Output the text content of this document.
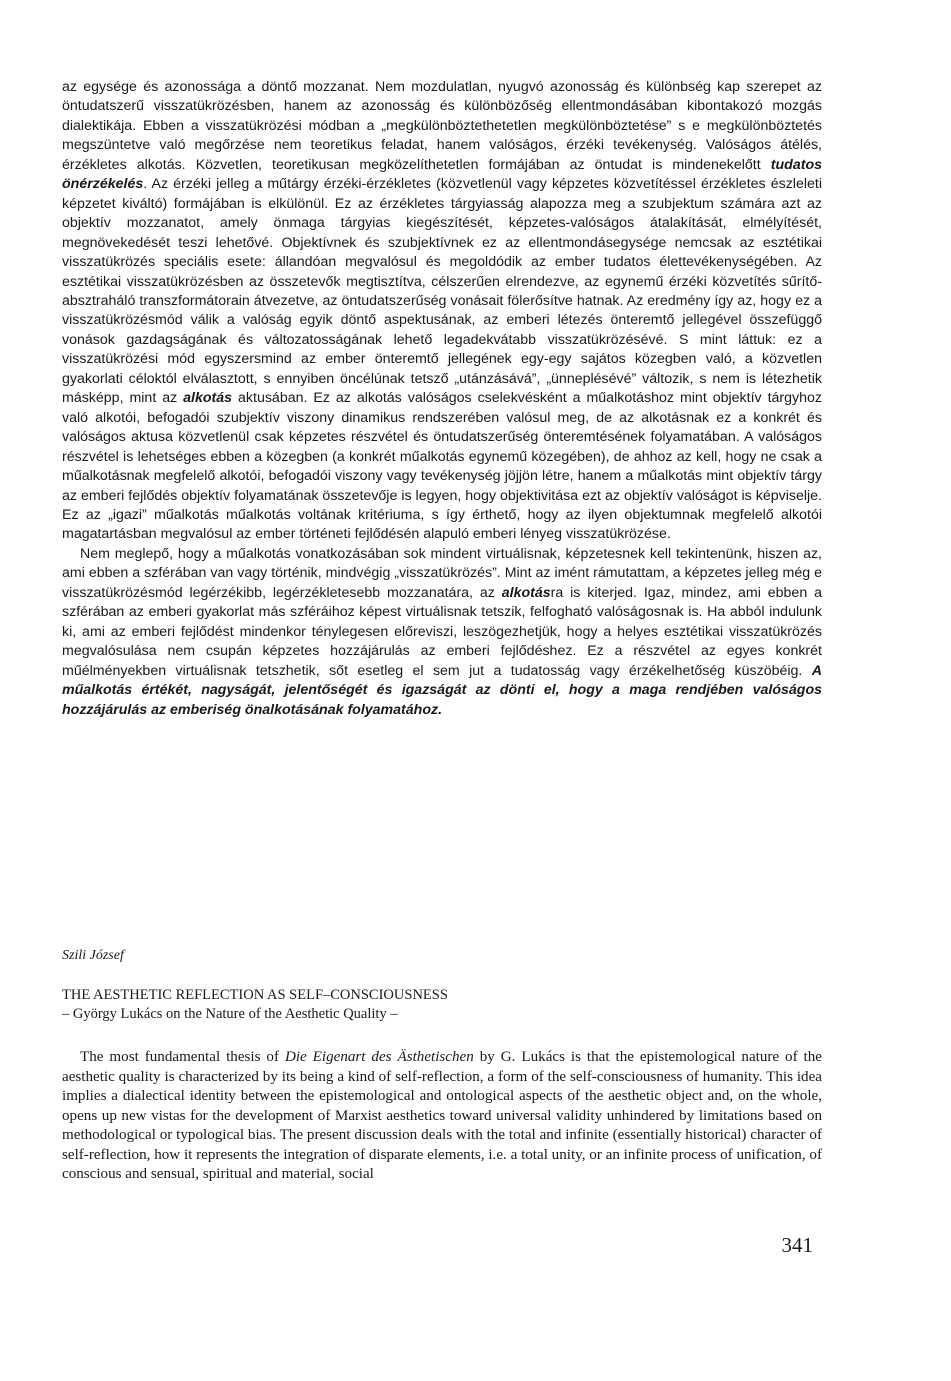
az egysége és azonossága a döntő mozzanat. Nem mozdulatlan, nyugvó azonosság és különbség kap szerepet az öntudatszerű visszatükrözésben, hanem az azonosság és különbözőség ellentmondásában kibontakozó mozgás dialektikája. Ebben a visszatükrözési módban a „megkülönböztethetetlen megkülönböztetése” s e megkülönböztetés megszüntetve való megőrzése nem teoretikus feladat, hanem valóságos, érzéki tevékenység. Valóságos átélés, érzékletes alkotás. Közvetlen, teoretikusan megközelíthetetlen formájában az öntudat is mindenekelőtt tudatos önérzékelés. Az érzéki jelleg a műtárgy érzéki-érzékletes (közvetlenül vagy képzetes közvetítéssel érzékletes észleleti képzetet kiváltó) formájában is elkülönül. Ez az érzékletes tárgyiasság alapozza meg a szubjektum számára azt az objektív mozzanatot, amely önmaga tárgyias kiegészítését, képzetes-valóságos átalakítását, elmélyítését, megnövekedését teszi lehetővé. Objektívnek és szubjektívnek ez az ellentmondásegysége nemcsak az esztétikai visszatükrözés speciális esete: állandóan megvalósul és megoldódik az ember tudatos élettevékenységében. Az esztétikai visszatükrözésben az összetevők megtisztítva, célszerűen elrendezve, az egynemű érzéki közvetítés sűrítő-absztraháló transzformátorain átvezetve, az öntudatszerűség vonásait fölerősítve hatnak. Az eredmény így az, hogy ez a visszatükrözésmód válik a valóság egyik döntő aspektusának, az emberi létezés önteremtő jellegével összefüggő vonások gazdagságának és változatosságának lehető legadekvátabb visszatükrözésévé. S mint láttuk: ez a visszatükrözési mód egyszersmind az ember önteremtő jellegének egy-egy sajátos közegben való, a közvetlen gyakorlati céloktól elválasztott, s ennyiben öncélúnak tetsző „utánzásává”, „ünneplésévé” változik, s nem is létezhetik másképp, mint az alkotás aktusában. Ez az alkotás valóságos cselekvésként a műalkotáshoz mint objektív tárgyhoz való alkotói, befogadói szubjektív viszony dinamikus rendszerében valósul meg, de az alkotásnak ez a konkrét és valóságos aktusa közvetlenül csak képzetes részvétel és öntudatszerűség önteremtésének folyamatában. A valóságos részvétel is lehetséges ebben a közegben (a konkrét műalkotás egynemű közegében), de ahhoz az kell, hogy ne csak a műalkotásnak megfelelő alkotói, befogadói viszony vagy tevékenység jöjjön létre, hanem a műalkotás mint objektív tárgy az emberi fejlődés objektív folyamatának összetevője is legyen, hogy objektivitása ezt az objektív valóságot is képviselje. Ez az „igazi” műalkotás műalkotás voltának kritériuma, s így érthető, hogy az ilyen objektumnak megfelelő alkotói magatartásban megvalósul az ember történeti fejlődésén alapuló emberi lényeg visszatükrözése.

Nem meglepő, hogy a műalkotás vonatkozásában sok mindent virtuálisnak, képzetesnek kell tekintenünk, hiszen az, ami ebben a szférában van vagy történik, mindvégig „visszatükrözés”. Mint az imént rámutattam, a képzetes jelleg még e visszatükrözésmód legérzékibb, legérzékletesebb mozzanatára, az alkotásra is kiterjed. Igaz, mindez, ami ebben a szférában az emberi gyakorlat más szféráihoz képest virtuálisnak tetszik, felfogható valóságosnak is. Ha abból indulunk ki, ami az emberi fejlődést mindenkor ténylegesen előreviszi, leszögezhetjük, hogy a helyes esztétikai visszatükrözés megvalósulása nem csupán képzetes hozzájárulás az emberi fejlődéshez. Ez a részvétel az egyes konkrét műélményekben virtuálisnak tetszhetik, sőt esetleg el sem jut a tudatosság vagy érzékelhetőség küszöbéig. A műalkotás értékét, nagyságát, jelentőségét és igazságát az dönti el, hogy a maga rendjében valóságos hozzájárulás az emberiség önalkotásának folyamatához.

Szili József
THE AESTHETIC REFLECTION AS SELF–CONSCIOUSNESS
– György Lukács on the Nature of the Aesthetic Quality –

The most fundamental thesis of Die Eigenart des Ästhetischen by G. Lukács is that the epistemological nature of the aesthetic quality is characterized by its being a kind of self-reflection, a form of the self-consciousness of humanity. This idea implies a dialectical identity between the epistemological and ontological aspects of the aesthetic object and, on the whole, opens up new vistas for the development of Marxist aesthetics toward universal validity unhindered by limitations based on methodological or typological bias. The present discussion deals with the total and infinite (essentially historical) character of self-reflection, how it represents the integration of disparate elements, i.e. a total unity, or an infinite process of unification, of conscious and sensual, spiritual and material, social

341
